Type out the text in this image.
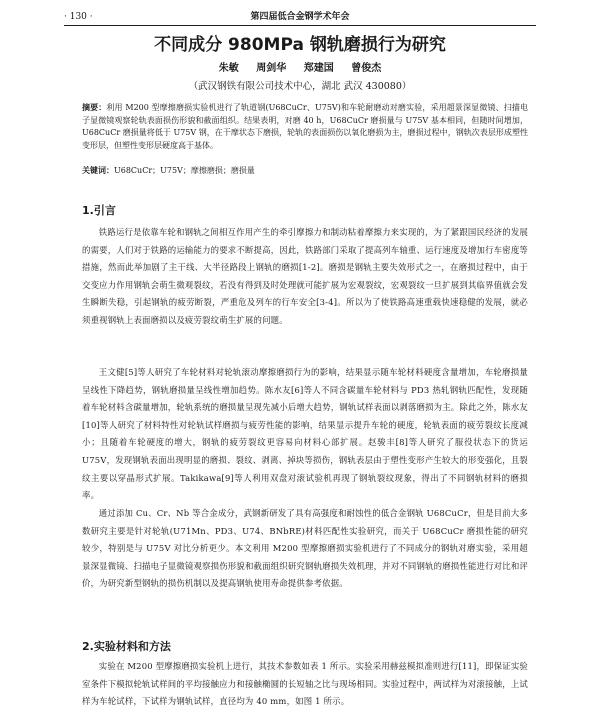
· 130 ·	第四届低合金钢学术年会
不同成分 980MPa 钢轨磨损行为研究
朱敏 周剑华 郑建国 曾俊杰
（武汉钢铁有限公司技术中心，湖北 武汉 430080）
摘要：利用 M200 型摩擦磨损实验机进行了轨道钢(U68CuCr、U75V)和车轮耐磨动对磨实验，采用超景深显微镜、扫描电子显微镜观察轮轨表面损伤形貌和截面组织。结果表明，对磨 40 h，U68CuCr 磨损量与 U75V 基本相同，但随时间增加，U68CuCr 磨损量将低于 U75V 钢，在干摩状态下磨损，轮轨的表面损伤以氧化磨损为主，磨损过程中，钢轨次表层形成塑性变形层，但塑性变形层硬度高于基体。
关键词：U68CuCr；U75V；摩擦磨损；磨损量
1.引言
铁路运行是依靠车轮和钢轨之间相互作用产生的牵引摩擦力和制动粘着摩擦力来实现的，为了紧跟国民经济的发展的需要，人们对于铁路的运输能力的要求不断提高，因此，铁路部门采取了提高列车轴重、运行速度及增加行车密度等措施，然而此举加剧了主干线、大半径路段上钢轨的磨损[1-2]。磨损是钢轨主要失效形式之一，在磨损过程中，由于交变应力作用钢轨会萌生微观裂纹，若没有得到及时处理就可能扩展为宏观裂纹，宏观裂纹一旦扩展到其临界值就会发生瞬断失稳，引起钢轨的疲劳断裂，严重危及列车的行车安全[3-4]。所以为了使铁路高速重载快速稳健的发展，就必须重视钢轨上表面磨损以及疲劳裂纹萌生扩展的问题。
王文健[5]等人研究了车轮材料对轮轨滚动摩擦磨损行为的影响，结果显示随车轮材料硬度含量增加，车轮磨损量呈线性下降趋势，钢轨磨损量呈线性增加趋势。陈水友[6]等人不同含碳量车轮材料与 PD3 热轧钢轨匹配性，发现随着车轮材料含碳量增加，轮轨系统的磨损量呈现先减小后增大趋势，钢轨试样表面以剥落磨损为主。除此之外，陈水友[10]等人研究了材料特性对轮轨试样磨损与疲劳性能的影响，结果显示提升车轮的硬度，轮轨表面的疲劳裂纹长度减小；且随着车轮硬度的增大，钢轨的疲劳裂纹更容易向材料心部扩展。赵骏丰[8]等人研究了服役状态下的货运 U75V，发现钢轨表面出现明显的磨损、裂纹、剥离、掉块等损伤，钢轨表层由于塑性变形产生较大的形变强化，且裂纹主要以穿晶形式扩展。Takikawa[9]等人利用双盘对滚试验机再现了钢轨裂纹现象，得出了不同钢轨材料的磨损率。
通过添加 Cu、Cr、Nb 等合金成分，武钢新研发了具有高强度和耐蚀性的低合金钢轨 U68CuCr，但是目前大多数研究主要是针对轮轨(U71Mn、PD3、U74、BNbRE)材料匹配性实验研究，而关于 U68CuCr 磨损性能的研究较少，特别是与 U75V 对比分析更少。本文利用 M200 型摩擦磨损实验机进行了不同成分的钢轨对磨实验，采用超景深显微镜、扫描电子显微镜观察损伤形貌和截面组织研究钢轨磨损失效机理，并对不同钢轨的磨损性能进行对比和评价，为研究新型钢轨的损伤机制以及提高钢轨使用寿命提供参考依据。
2.实验材料和方法
实验在 M200 型摩擦磨损实验机上进行，其技术参数如表 1 所示。实验采用赫兹模拟准则进行[11]，即保证实验室条件下模拟轮轨试样间的平均接触应力和接触椭圆的长短轴之比与现场相同。实验过程中，两试样为对滚接触，上试样为车轮试样，下试样为钢轨试样，直径均为 40 mm，如图 1 所示。
